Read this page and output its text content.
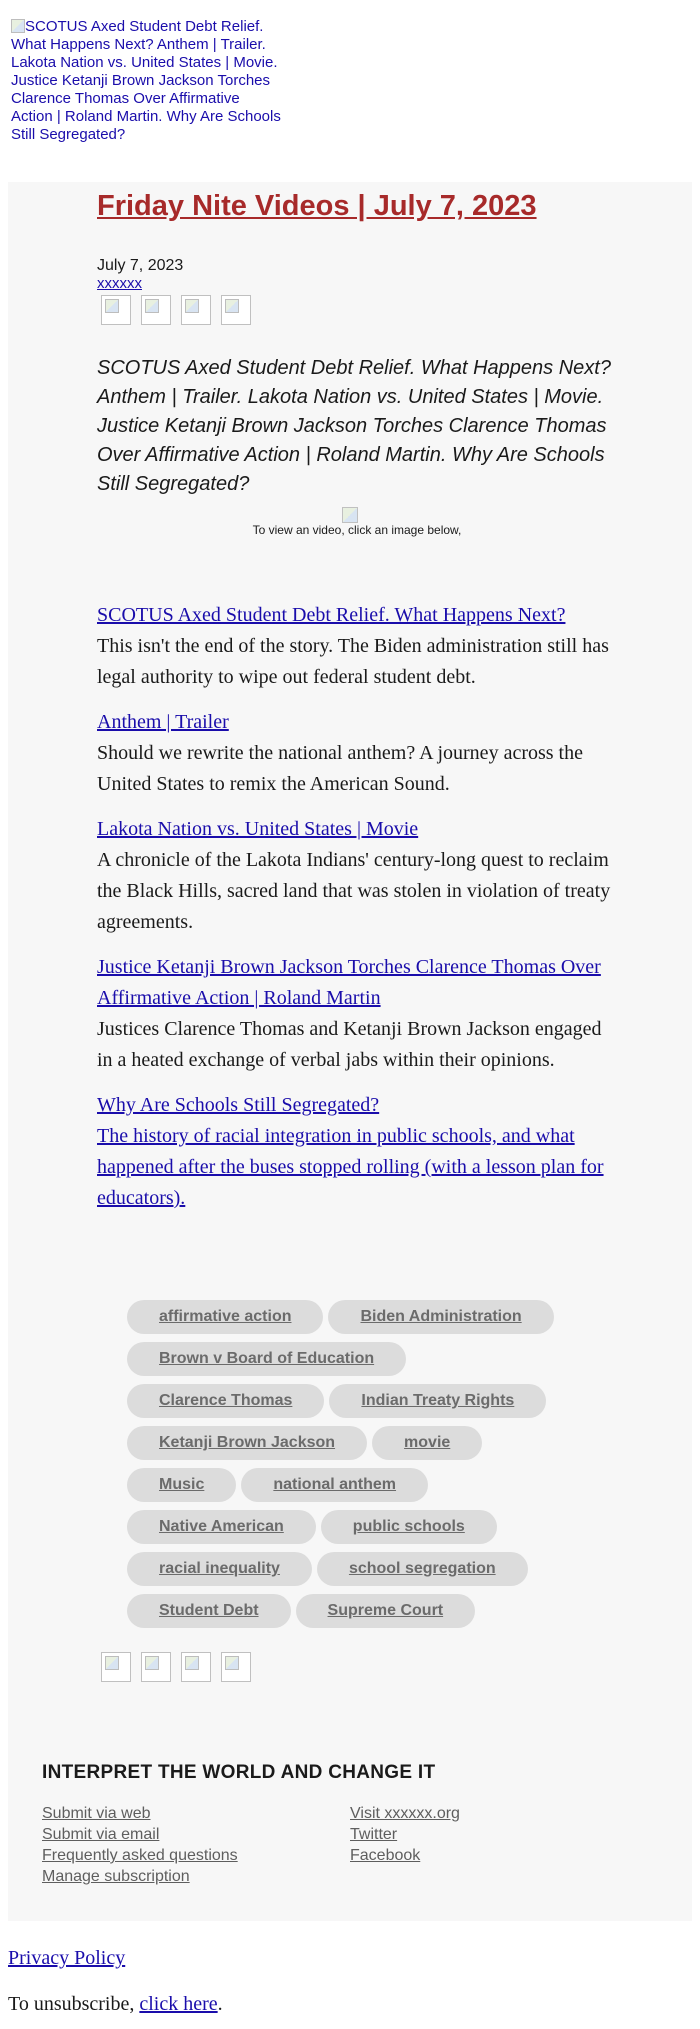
SCOTUS Axed Student Debt Relief. What Happens Next? Anthem | Trailer. Lakota Nation vs. United States | Movie. Justice Ketanji Brown Jackson Torches Clarence Thomas Over Affirmative Action | Roland Martin. Why Are Schools Still Segregated?
Friday Nite Videos | July 7, 2023
July 7, 2023
xxxxxx
SCOTUS Axed Student Debt Relief. What Happens Next? Anthem | Trailer. Lakota Nation vs. United States | Movie. Justice Ketanji Brown Jackson Torches Clarence Thomas Over Affirmative Action | Roland Martin. Why Are Schools Still Segregated?
To view an video, click an image below,
SCOTUS Axed Student Debt Relief. What Happens Next?
This isn't the end of the story. The Biden administration still has legal authority to wipe out federal student debt.
Anthem | Trailer
Should we rewrite the national anthem? A journey across the United States to remix the American Sound.
Lakota Nation vs. United States | Movie
A chronicle of the Lakota Indians' century-long quest to reclaim the Black Hills, sacred land that was stolen in violation of treaty agreements.
Justice Ketanji Brown Jackson Torches Clarence Thomas Over Affirmative Action | Roland Martin
Justices Clarence Thomas and Ketanji Brown Jackson engaged in a heated exchange of verbal jabs within their opinions.
Why Are Schools Still Segregated?
The history of racial integration in public schools, and what happened after the buses stopped rolling (with a lesson plan for educators).
affirmative action	Biden AdministrationBrown v Board of EducationClarence Thomas	Indian Treaty RightsKetanji Brown Jackson	movieMusic	national anthemNative American	public schoolsracial inequality	school segregationStudent Debt	Supreme Court
INTERPRET THE WORLD AND CHANGE IT
Submit via web
Submit via email
Frequently asked questions
Manage subscription
Visit xxxxxx.org
Twitter
Facebook
Privacy Policy
To unsubscribe, click here.
